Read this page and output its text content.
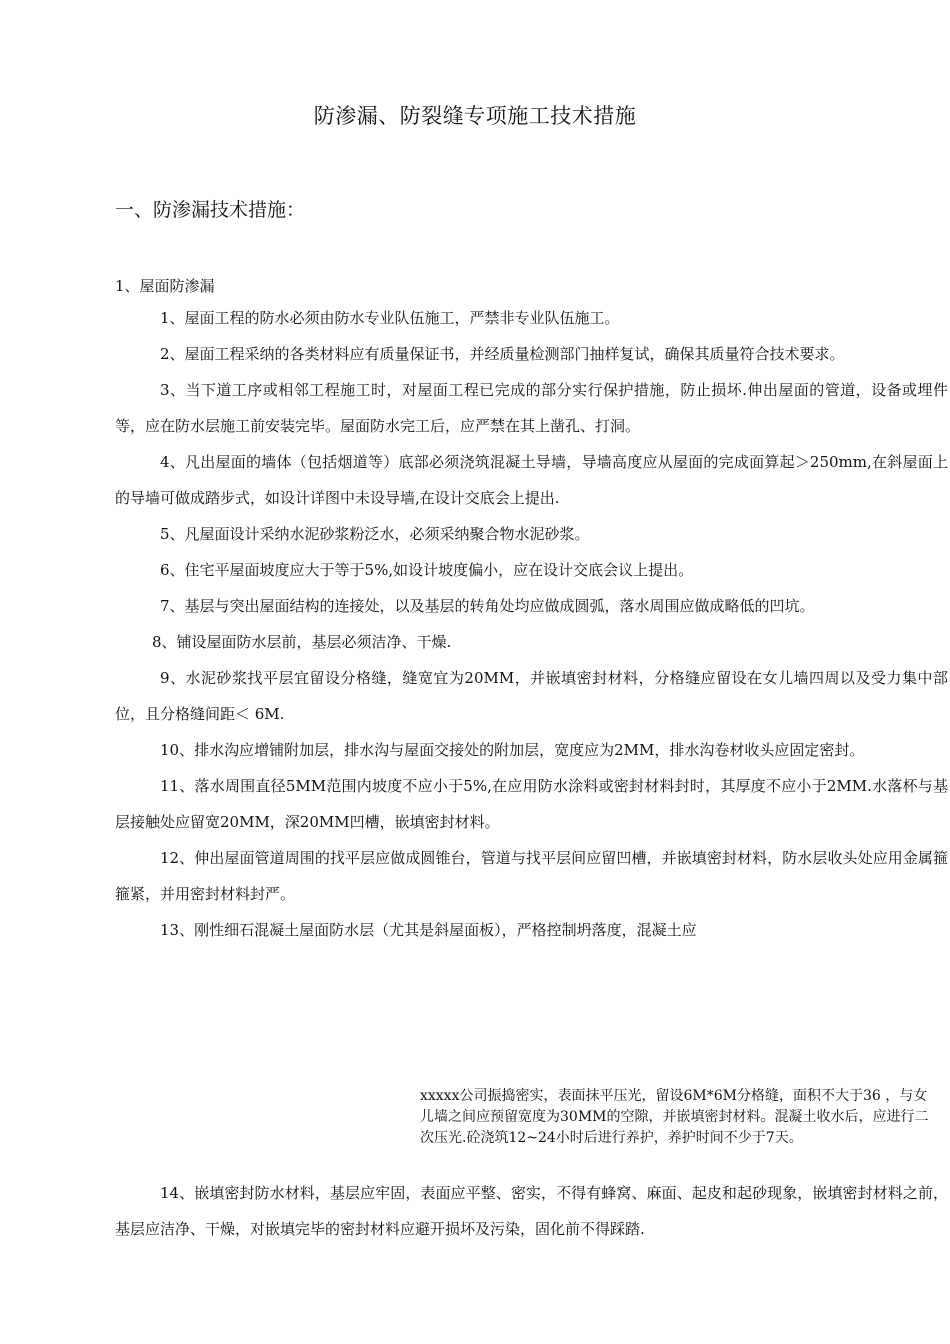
防渗漏、防裂缝专项施工技术措施
一、防渗漏技术措施：
1、屋面防渗漏

1、屋面工程的防水必须由防水专业队伍施工，严禁非专业队伍施工。

2、屋面工程采纳的各类材料应有质量保证书，并经质量检测部门抽样复试，确保其质量符合技术要求。

3、当下道工序或相邻工程施工时，对屋面工程已完成的部分实行保护措施，防止损坏.伸出屋面的管道，设备或埋件等，应在防水层施工前安装完毕。屋面防水完工后，应严禁在其上凿孔、打洞。

4、凡出屋面的墙体（包括烟道等）底部必须浇筑混凝土导墙，导墙高度应从屋面的完成面算起＞250mm,在斜屋面上的导墙可做成踏步式，如设计详图中未设导墙,在设计交底会上提出.

5、凡屋面设计采纳水泥砂浆粉泛水，必须采纳聚合物水泥砂浆。

6、住宅平屋面坡度应大于等于5%,如设计坡度偏小，应在设计交底会议上提出。

7、基层与突出屋面结构的连接处，以及基层的转角处均应做成圆弧，落水周围应做成略低的凹坑。

8、铺设屋面防水层前，基层必须洁净、干燥.

9、水泥砂浆找平层宜留设分格缝，缝宽宜为20MM，并嵌填密封材料，分格缝应留设在女儿墙四周以及受力集中部位，且分格缝间距＜ 6M.

10、排水沟应增铺附加层，排水沟与屋面交接处的附加层，宽度应为2MM，排水沟卷材收头应固定密封。

11、落水周围直径5MM范围内坡度不应小于5%,在应用防水涂料或密封材料封时，其厚度不应小于2MM.水落杯与基层接触处应留宽20MM，深20MM凹槽，嵌填密封材料。

12、伸出屋面管道周围的找平层应做成圆锥台，管道与找平层间应留凹槽，并嵌填密封材料，防水层收头处应用金属箍箍紧，并用密封材料封严。

13、刚性细石混凝土屋面防水层（尤其是斜屋面板），严格控制坍落度，混凝土应

xxxxx公司振捣密实，表面抹平压光，留设6M*6M分格缝，面积不大于36 ，与女儿墙之间应预留宽度为30MM的空隙，并嵌填密封材料。混凝土收水后，应进行二次压光.砼浇筑12~24小时后进行养护，养护时间不少于7天。

14、嵌填密封防水材料，基层应牢固，表面应平整、密实，不得有蜂窝、麻面、起皮和起砂现象，嵌填密封材料之前，基层应洁净、干燥，对嵌填完毕的密封材料应避开损坏及污染，固化前不得踩踏.
